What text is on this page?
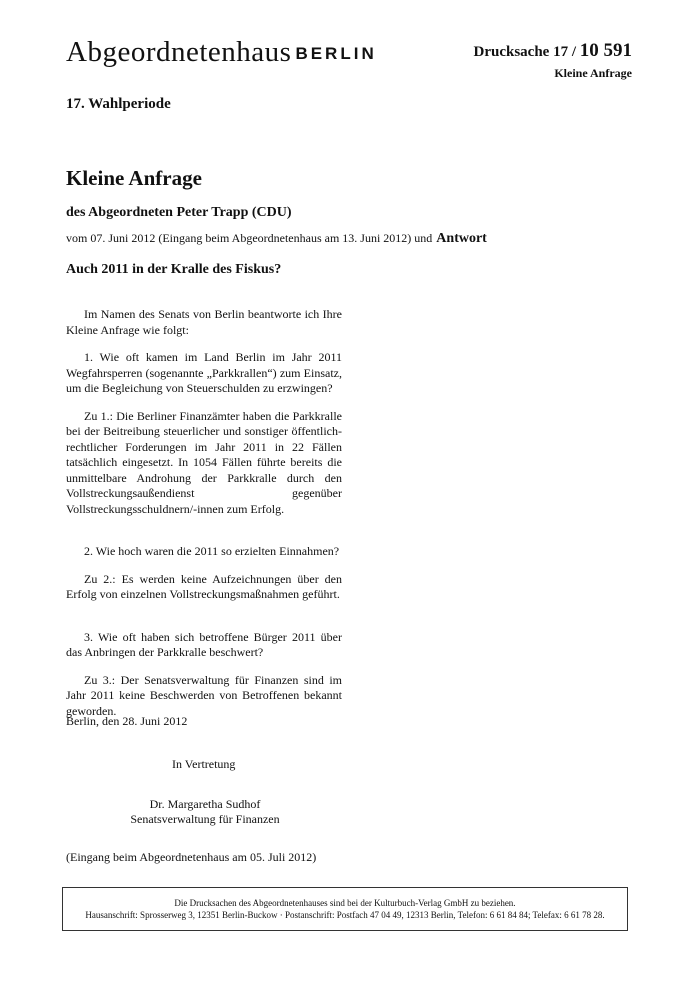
Abgeordnetenhaus BERLIN	Drucksache 17 / 10 591
Kleine Anfrage
17. Wahlperiode
Kleine Anfrage
des Abgeordneten Peter Trapp (CDU)
vom 07. Juni 2012 (Eingang beim Abgeordnetenhaus am 13. Juni 2012) und Antwort
Auch 2011 in der Kralle des Fiskus?

Im Namen des Senats von Berlin beantworte ich Ihre Kleine Anfrage wie folgt:

1. Wie oft kamen im Land Berlin im Jahr 2011 Wegfahrsperren (sogenannte „Parkkrallen“) zum Einsatz, um die Begleichung von Steuerschulden zu erzwingen?

Zu 1.: Die Berliner Finanzämter haben die Parkkralle bei der Beitreibung steuerlicher und sonstiger öffentlich-rechtlicher Forderungen im Jahr 2011 in 22 Fällen tatsächlich eingesetzt. In 1054 Fällen führte bereits die unmittelbare Androhung der Parkkralle durch den Vollstreckungsaußendienst gegenüber Vollstreckungsschuldnern/-innen zum Erfolg.

2. Wie hoch waren die 2011 so erzielten Einnahmen?

Zu 2.: Es werden keine Aufzeichnungen über den Erfolg von einzelnen Vollstreckungsmaßnahmen geführt.

3. Wie oft haben sich betroffene Bürger 2011 über das Anbringen der Parkkralle beschwert?

Zu 3.: Der Senatsverwaltung für Finanzen sind im Jahr 2011 keine Beschwerden von Betroffenen bekannt geworden.

Berlin, den 28. Juni 2012
In Vertretung
Dr. Margaretha Sudhof
Senatsverwaltung für Finanzen
(Eingang beim Abgeordnetenhaus am 05. Juli 2012)
Die Drucksachen des Abgeordnetenhauses sind bei der Kulturbuch-Verlag GmbH zu beziehen.
Hausanschrift: Sprosserweg 3, 12351 Berlin-Buckow · Postanschrift: Postfach 47 04 49, 12313 Berlin, Telefon: 6 61 84 84; Telefax: 6 61 78 28.
